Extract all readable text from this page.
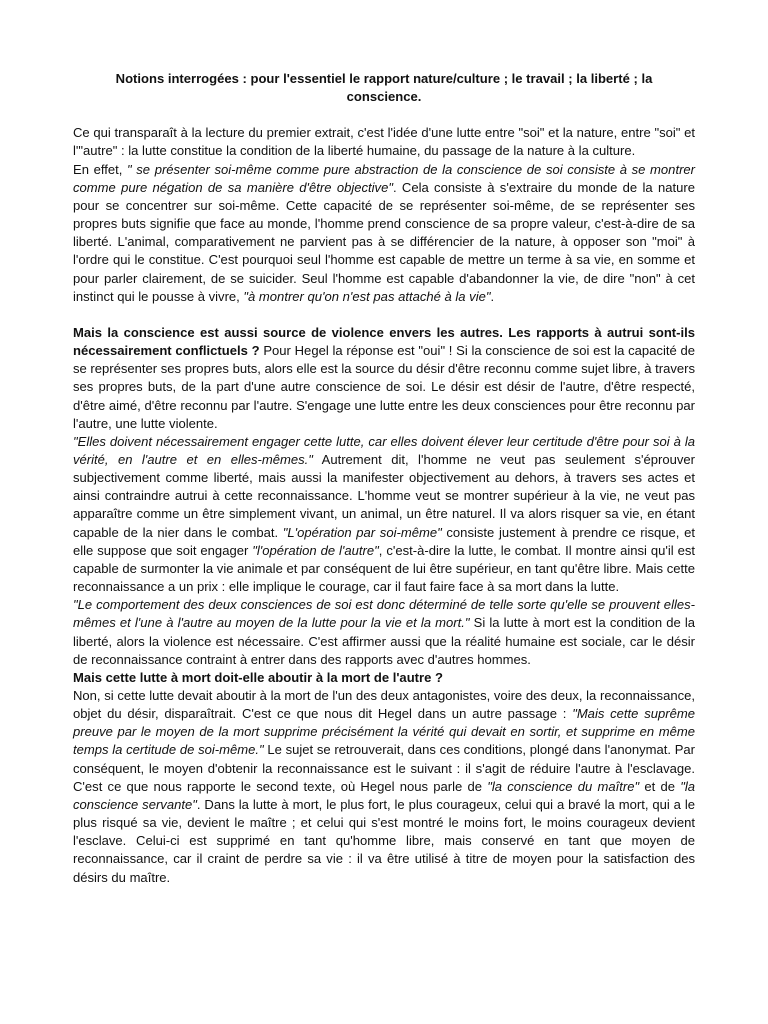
Notions interrogées : pour l'essentiel le rapport nature/culture ; le travail ; la liberté ; la conscience.

Ce qui transparaît à la lecture du premier extrait, c'est l'idée d'une lutte entre "soi" et la nature, entre "soi" et l'"autre" : la lutte constitue la condition de la liberté humaine, du passage de la nature à la culture.

En effet, " se présenter soi-même comme pure abstraction de la conscience de soi consiste à se montrer comme pure négation de sa manière d'être objective". Cela consiste à s'extraire du monde de la nature pour se concentrer sur soi-même. Cette capacité de se représenter soi-même, de se représenter ses propres buts signifie que face au monde, l'homme prend conscience de sa propre valeur, c'est-à-dire de sa liberté. L'animal, comparativement ne parvient pas à se différencier de la nature, à opposer son "moi" à l'ordre qui le constitue. C'est pourquoi seul l'homme est capable de mettre un terme à sa vie, en somme et pour parler clairement, de se suicider. Seul l'homme est capable d'abandonner la vie, de dire "non" à cet instinct qui le pousse à vivre, "à montrer qu'on n'est pas attaché à la vie".

Mais la conscience est aussi source de violence envers les autres. Les rapports à autrui sont-ils nécessairement conflictuels ? Pour Hegel la réponse est "oui" ! Si la conscience de soi est la capacité de se représenter ses propres buts, alors elle est la source du désir d'être reconnu comme sujet libre, à travers ses propres buts, de la part d'une autre conscience de soi. Le désir est désir de l'autre, d'être respecté, d'être aimé, d'être reconnu par l'autre. S'engage une lutte entre les deux consciences pour être reconnu par l'autre, une lutte violente.

"Elles doivent nécessairement engager cette lutte, car elles doivent élever leur certitude d'être pour soi à la vérité, en l'autre et en elles-mêmes." Autrement dit, l'homme ne veut pas seulement s'éprouver subjectivement comme liberté, mais aussi la manifester objectivement au dehors, à travers ses actes et ainsi contraindre autrui à cette reconnaissance. L'homme veut se montrer supérieur à la vie, ne veut pas apparaître comme un être simplement vivant, un animal, un être naturel. Il va alors risquer sa vie, en étant capable de la nier dans le combat. "L'opération par soi-même" consiste justement à prendre ce risque, et elle suppose que soit engager "l'opération de l'autre", c'est-à-dire la lutte, le combat. Il montre ainsi qu'il est capable de surmonter la vie animale et par conséquent de lui être supérieur, en tant qu'être libre. Mais cette reconnaissance a un prix : elle implique le courage, car il faut faire face à sa mort dans la lutte.

"Le comportement des deux consciences de soi est donc déterminé de telle sorte qu'elle se prouvent elles-mêmes et l'une à l'autre au moyen de la lutte pour la vie et la mort." Si la lutte à mort est la condition de la liberté, alors la violence est nécessaire. C'est affirmer aussi que la réalité humaine est sociale, car le désir de reconnaissance contraint à entrer dans des rapports avec d'autres hommes.

Mais cette lutte à mort doit-elle aboutir à la mort de l'autre ?

Non, si cette lutte devait aboutir à la mort de l'un des deux antagonistes, voire des deux, la reconnaissance, objet du désir, disparaîtrait. C'est ce que nous dit Hegel dans un autre passage : "Mais cette suprême preuve par le moyen de la mort supprime précisément la vérité qui devait en sortir, et supprime en même temps la certitude de soi-même." Le sujet se retrouverait, dans ces conditions, plongé dans l'anonymat. Par conséquent, le moyen d'obtenir la reconnaissance est le suivant : il s'agit de réduire l'autre à l'esclavage. C'est ce que nous rapporte le second texte, où Hegel nous parle de "la conscience du maître" et de "la conscience servante". Dans la lutte à mort, le plus fort, le plus courageux, celui qui a bravé la mort, qui a le plus risqué sa vie, devient le maître ; et celui qui s'est montré le moins fort, le moins courageux devient l'esclave. Celui-ci est supprimé en tant qu'homme libre, mais conservé en tant que moyen de reconnaissance, car il craint de perdre sa vie : il va être utilisé à titre de moyen pour la satisfaction des désirs du maître.
